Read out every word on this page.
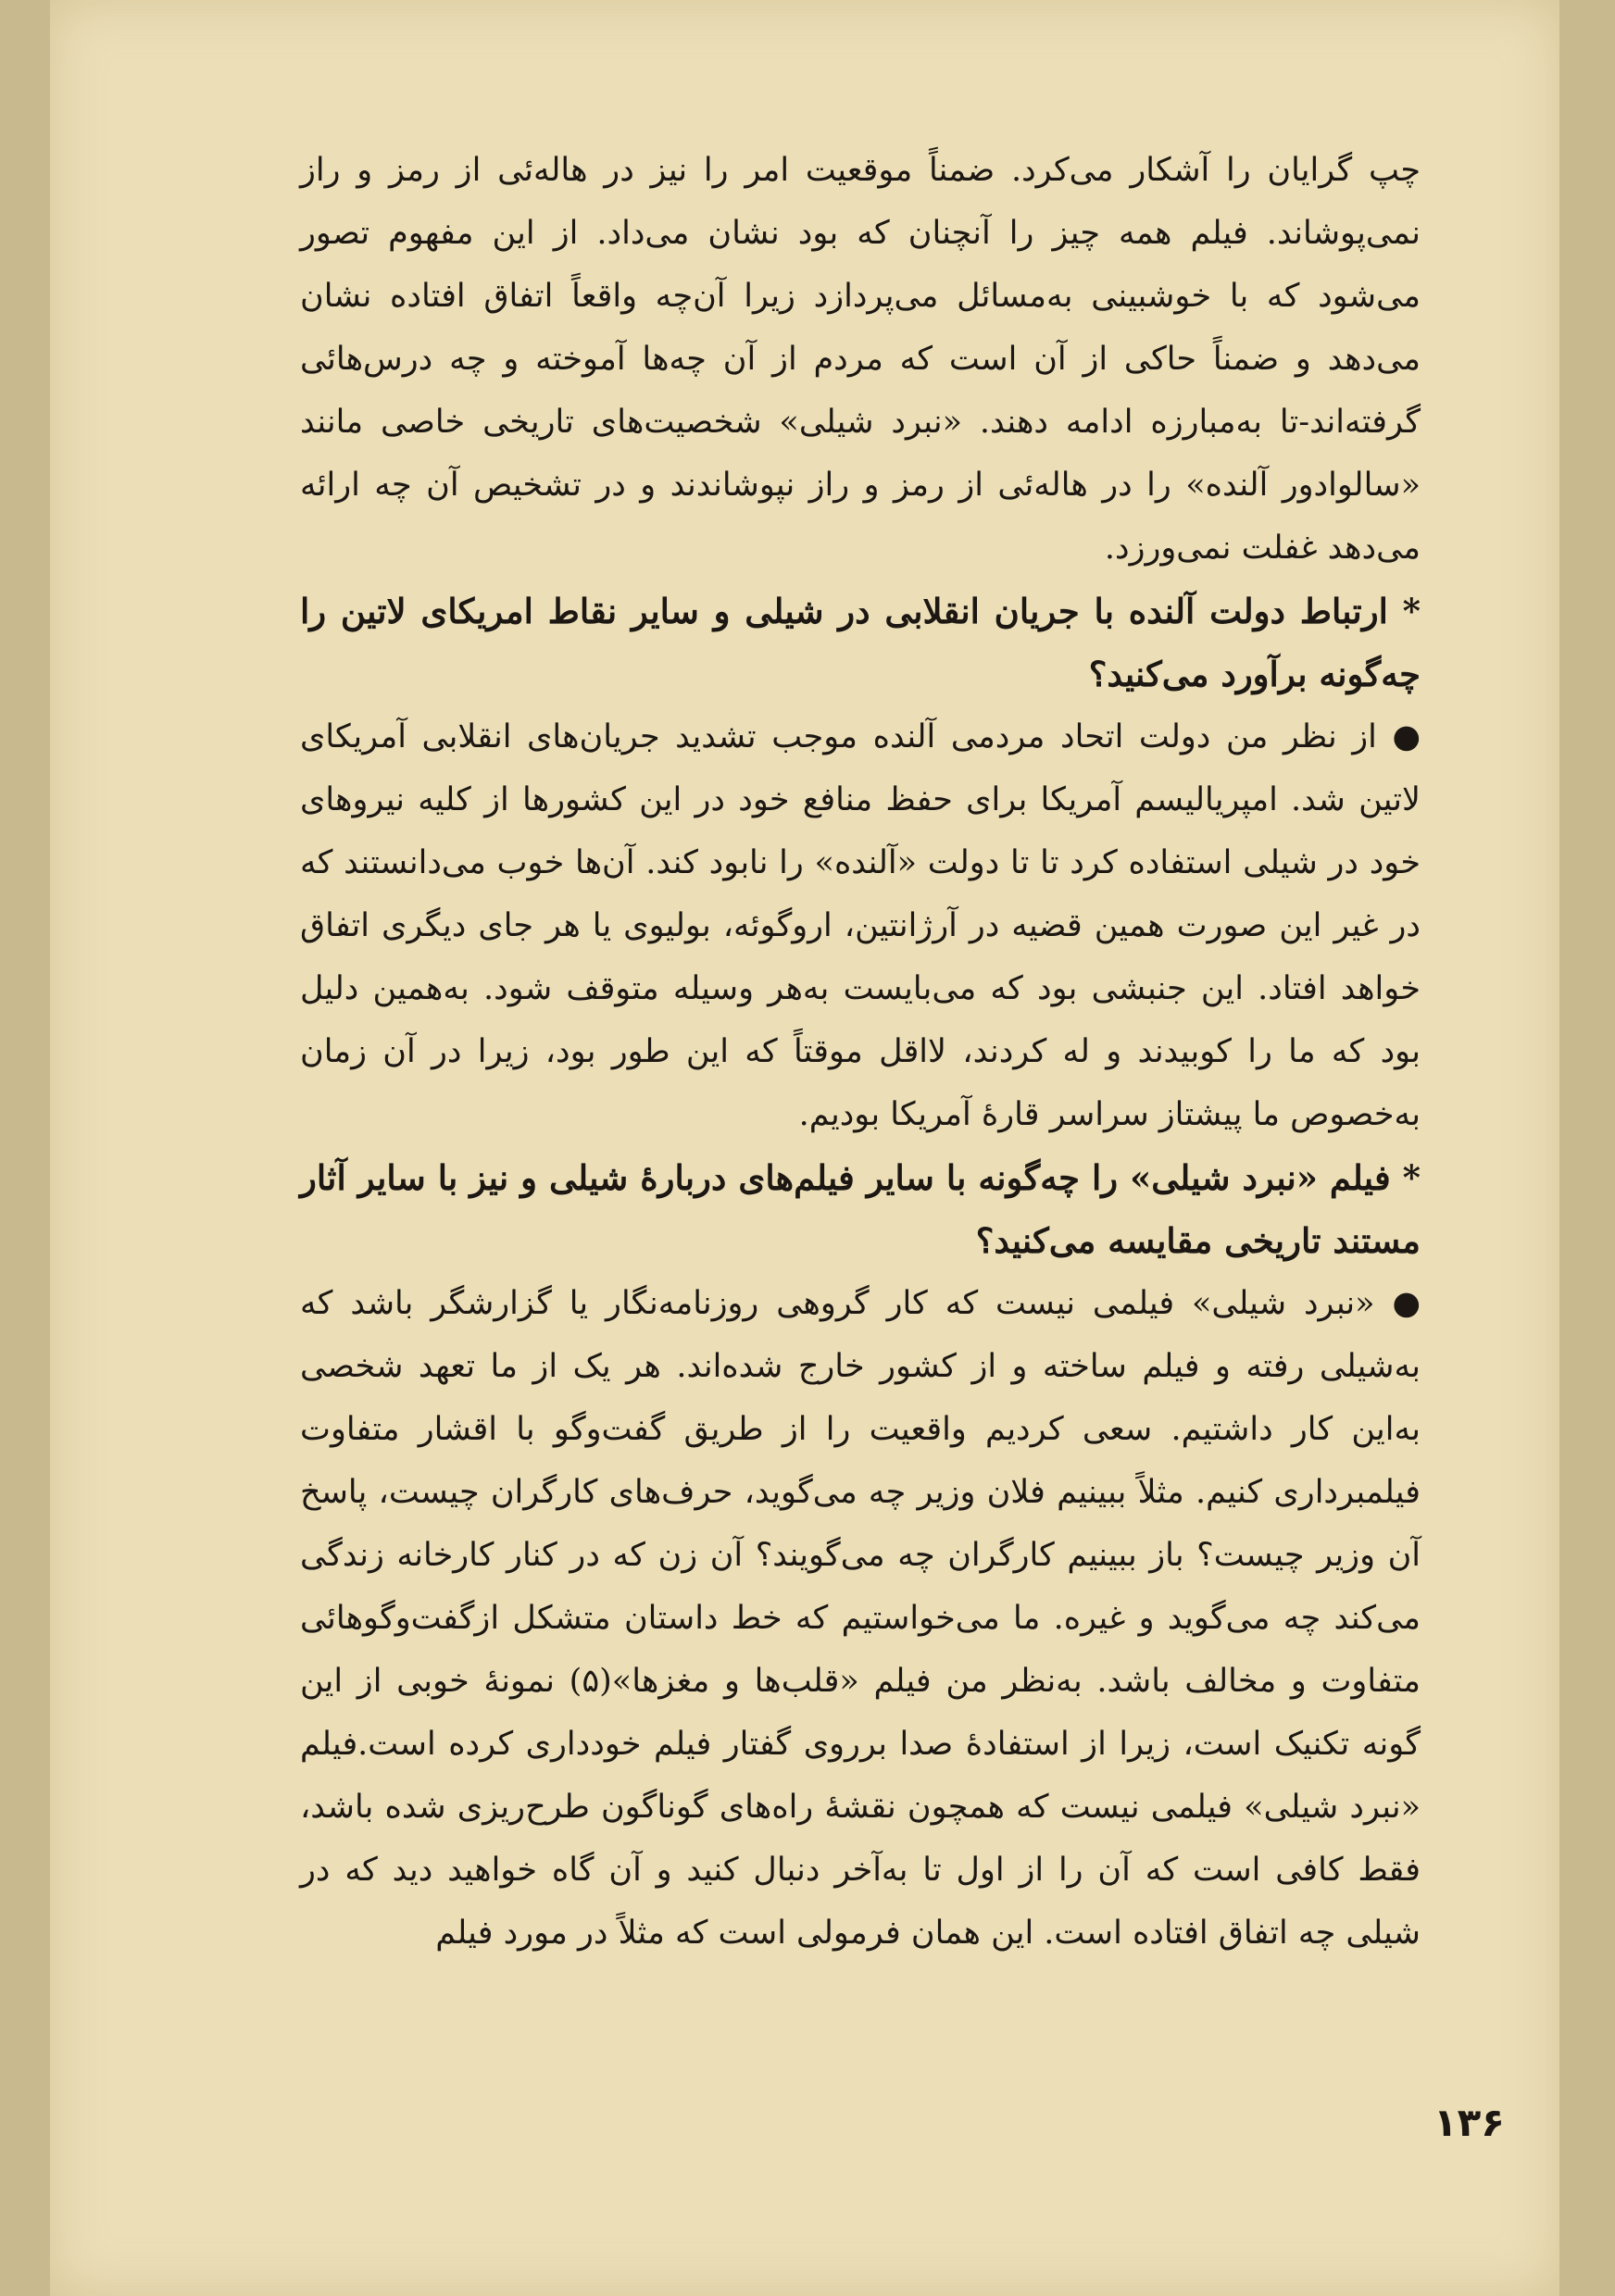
چپ گرایان را آشکار می‌کرد. ضمناً موقعیت امر را نیز در هاله‌ئی از رمز و راز نمی‌پوشاند. فیلم همه چیز را آنچنان که بود نشان می‌داد. از این مفهوم تصور می‌شود که با خوشبینی به‌مسائل می‌پردازد زیرا آن‌چه واقعاً اتفاق افتاده نشان می‌دهد و ضمناً حاکی از آن است که مردم از آن چه‌ها آموخته و چه درس‌هائی گرفته‌اند-تا به‌مبارزه ادامه دهند. «نبرد شیلی» شخصیت‌های تاریخی خاصی مانند «سالوادور آلنده» را در هاله‌ئی از رمز و راز نپوشاندند و در تشخیص آن چه ارائه می‌دهد غفلت نمی‌ورزد.

* ارتباط دولت آلنده با جریان انقلابی در شیلی و سایر نقاط امریکای لاتین را چه‌گونه برآورد می‌کنید؟

● از نظر من دولت اتحاد مردمی آلنده موجب تشدید جریان‌های انقلابی آمریکای لاتین شد. امپریالیسم آمریکا برای حفظ منافع خود در این کشورها از کلیه نیروهای خود در شیلی استفاده کرد تا تا دولت «آلنده» را نابود کند. آن‌ها خوب می‌دانستند که در غیر این صورت همین قضیه در آرژانتین، اروگوئه، بولیوی یا هر جای دیگری اتفاق خواهد افتاد. این جنبشی بود که می‌بایست به‌هر وسیله متوقف شود. به‌همین دلیل بود که ما را کوبیدند و له کردند، لااقل موقتاً که این طور بود، زیرا در آن زمان به‌خصوص ما پیشتاز سراسر قارهٔ آمریکا بودیم.

* فیلم «نبرد شیلی» را چه‌گونه با سایر فیلم‌های دربارهٔ شیلی و نیز با سایر آثار مستند تاریخی مقایسه می‌کنید؟

● «نبرد شیلی» فیلمی نیست که کار گروهی روزنامه‌نگار یا گزارشگر باشد که به‌شیلی رفته و فیلم ساخته و از کشور خارج شده‌اند. هر یک از ما تعهد شخصی به‌این کار داشتیم. سعی کردیم واقعیت را از طریق گفت‌وگو با اقشار متفاوت فیلمبرداری کنیم. مثلاً ببینیم فلان وزیر چه می‌گوید، حرف‌های کارگران چیست، پاسخ آن وزیر چیست؟ باز ببینیم کارگران چه می‌گویند؟ آن زن که در کنار کارخانه زندگی می‌کند چه می‌گوید و غیره. ما می‌خواستیم که خط داستان متشکل ازگفت‌وگوهائی متفاوت و مخالف باشد. به‌نظر من فیلم «قلب‌ها و مغزها»(۵) نمونهٔ خوبی از این گونه تکنیک است، زیرا از استفادهٔ صدا برروی گفتار فیلم خودداری کرده است.فیلم «نبرد شیلی» فیلمی نیست که همچون نقشهٔ راه‌های گوناگون طرح‌ریزی شده باشد، فقط کافی است که آن را از اول تا به‌آخر دنبال کنید و آن گاه خواهید دید که در شیلی چه اتفاق افتاده است. این همان فرمولی است که مثلاً در مورد فیلم

۱۳۶
